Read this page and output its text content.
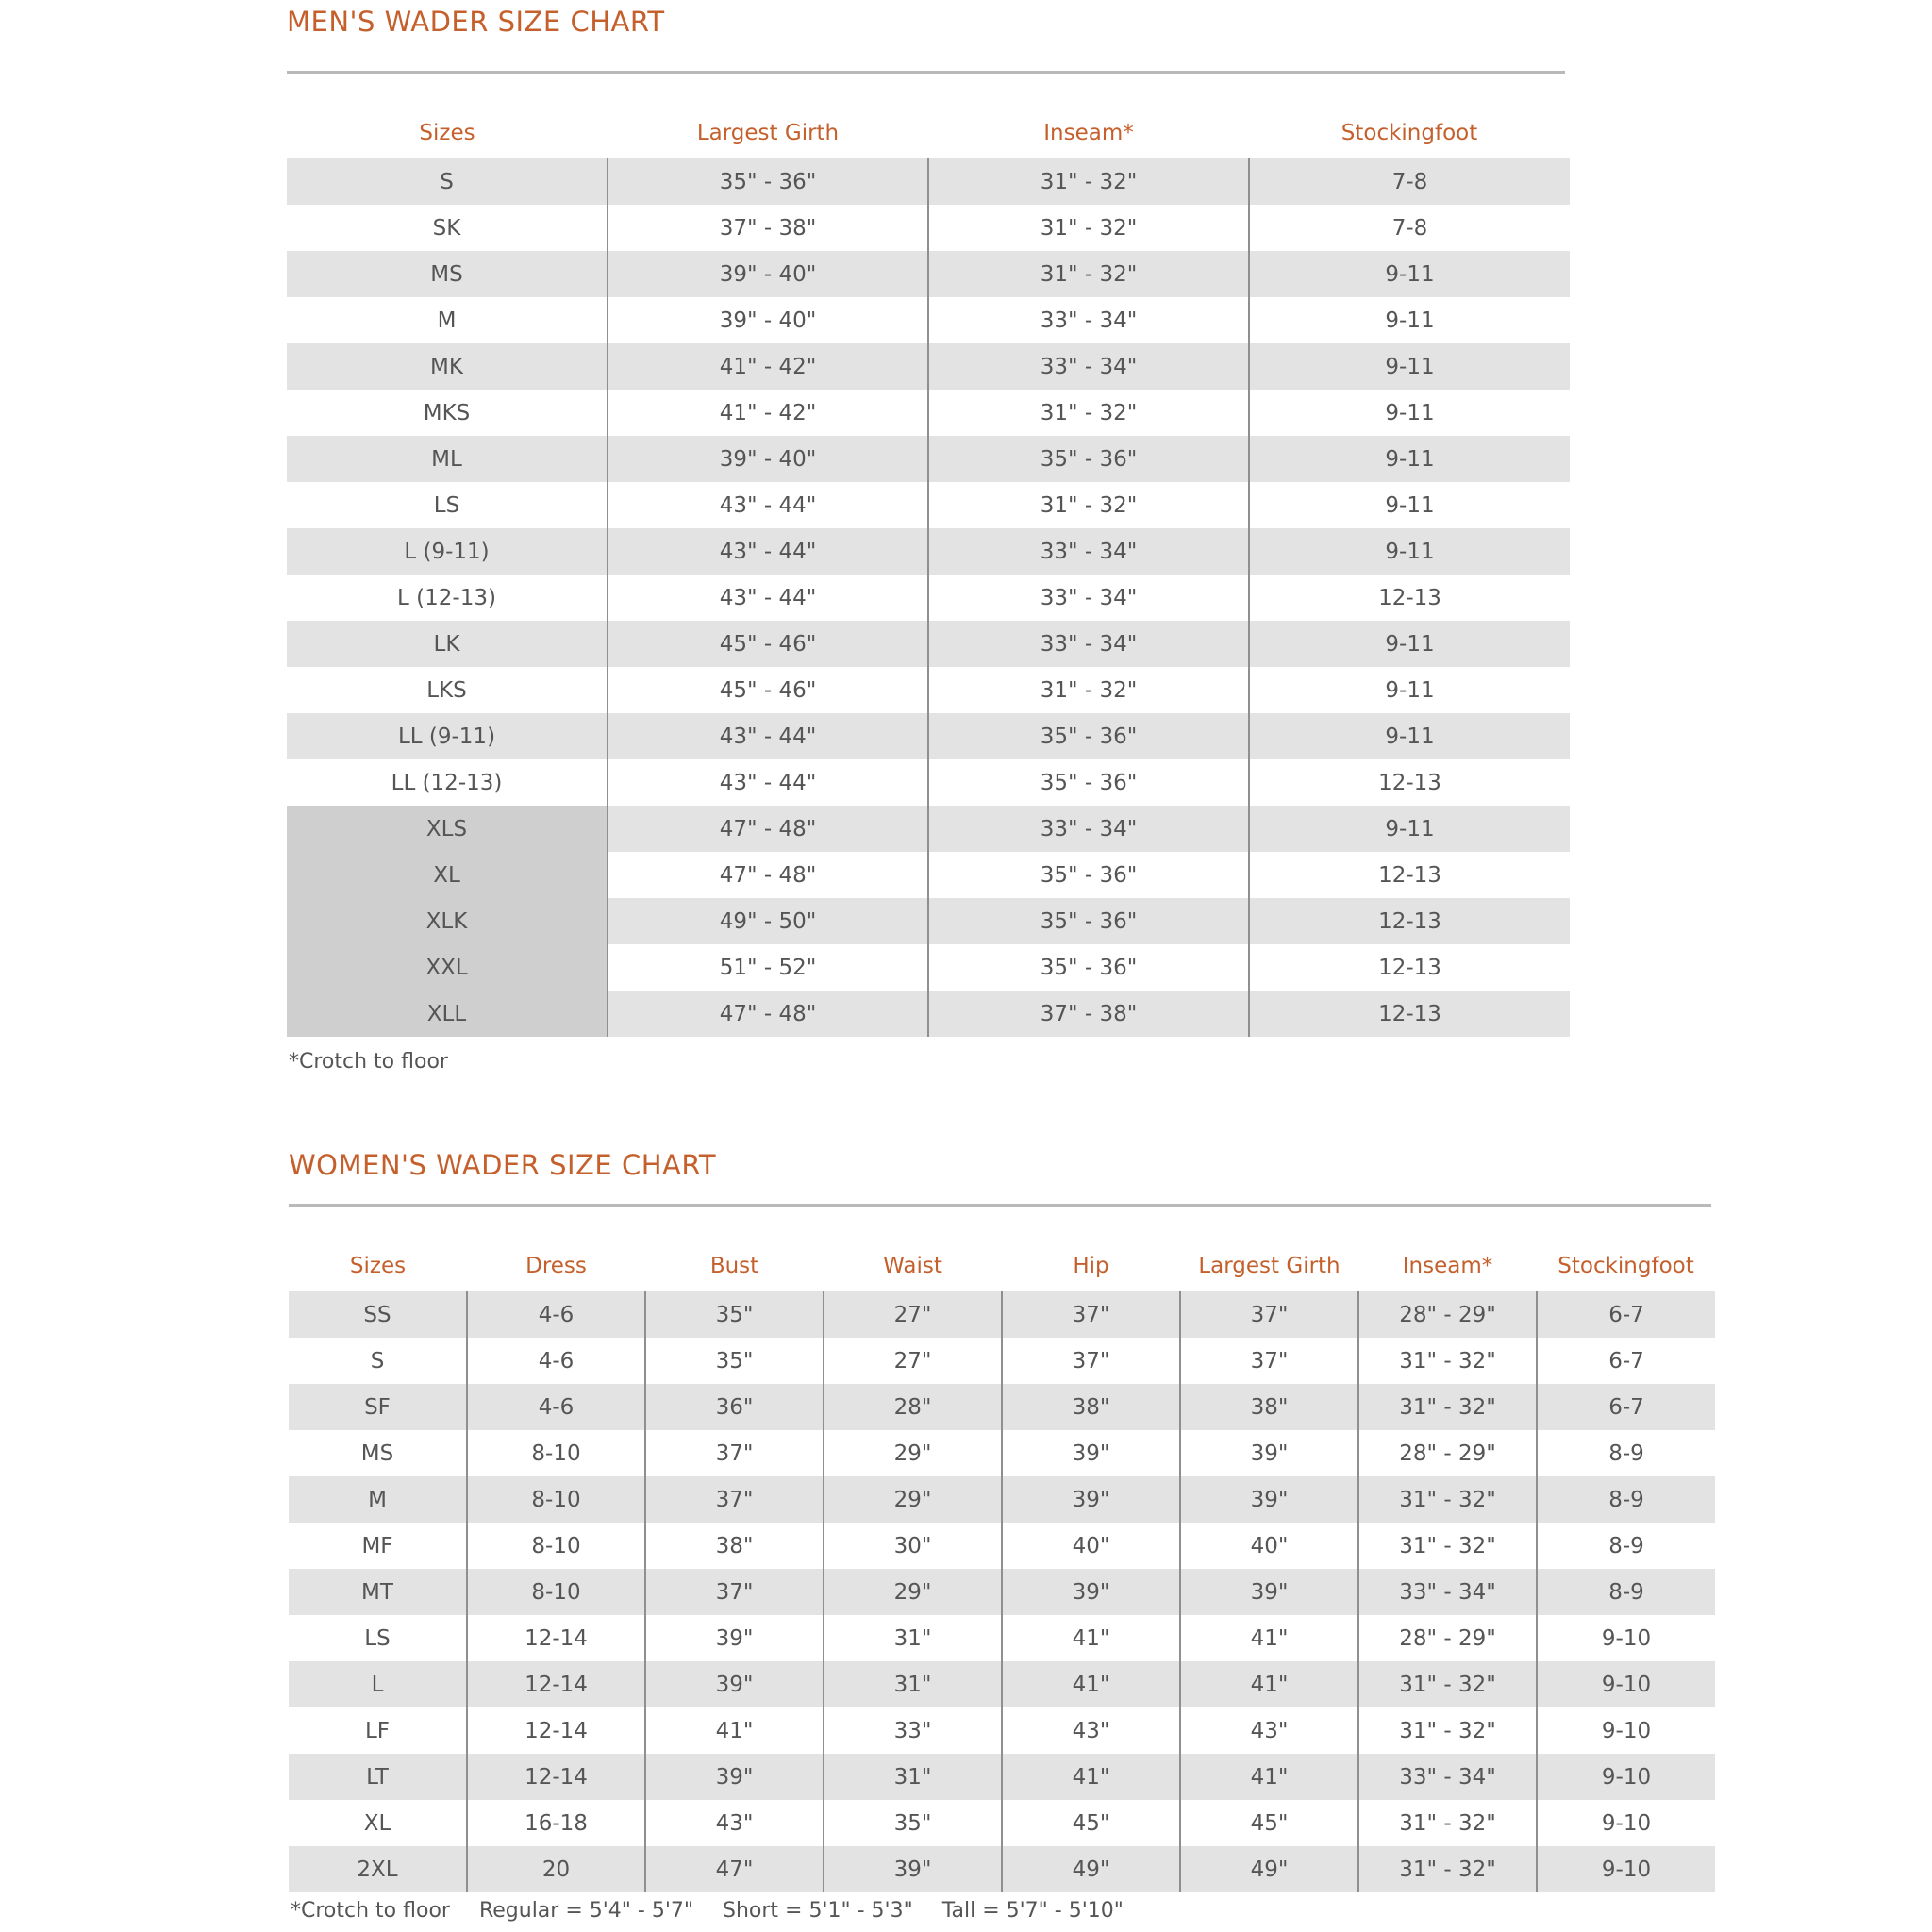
MEN'S WADER SIZE CHART
Sizes	Largest Girth	Inseam*	Stockingfoot
S	35" - 36"	31" - 32"	7-8
SK	37" - 38"	31" - 32"	7-8
MS	39" - 40"	31" - 32"	9-11
M	39" - 40"	33" - 34"	9-11
MK	41" - 42"	33" - 34"	9-11
MKS	41" - 42"	31" - 32"	9-11
ML	39" - 40"	35" - 36"	9-11
LS	43" - 44"	31" - 32"	9-11
L (9-11)	43" - 44"	33" - 34"	9-11
L (12-13)	43" - 44"	33" - 34"	12-13
LK	45" - 46"	33" - 34"	9-11
LKS	45" - 46"	31" - 32"	9-11
LL (9-11)	43" - 44"	35" - 36"	9-11
LL (12-13)	43" - 44"	35" - 36"	12-13
XLS	47" - 48"	33" - 34"	9-11
XL	47" - 48"	35" - 36"	12-13
XLK	49" - 50"	35" - 36"	12-13
XXL	51" - 52"	35" - 36"	12-13
XLL	47" - 48"	37" - 38"	12-13
*Crotch to floor
WOMEN'S WADER SIZE CHART
Sizes	Dress	Bust	Waist	Hip	Largest Girth	Inseam*	Stockingfoot
SS	4-6	35"	27"	37"	37"	28" - 29"	6-7
S	4-6	35"	27"	37"	37"	31" - 32"	6-7
SF	4-6	36"	28"	38"	38"	31" - 32"	6-7
MS	8-10	37"	29"	39"	39"	28" - 29"	8-9
M	8-10	37"	29"	39"	39"	31" - 32"	8-9
MF	8-10	38"	30"	40"	40"	31" - 32"	8-9
MT	8-10	37"	29"	39"	39"	33" - 34"	8-9
LS	12-14	39"	31"	41"	41"	28" - 29"	9-10
L	12-14	39"	31"	41"	41"	31" - 32"	9-10
LF	12-14	41"	33"	43"	43"	31" - 32"	9-10
LT	12-14	39"	31"	41"	41"	33" - 34"	9-10
XL	16-18	43"	35"	45"	45"	31" - 32"	9-10
2XL	20	47"	39"	49"	49"	31" - 32"	9-10
*Crotch to floor Regular = 5'4" - 5'7" Short = 5'1" - 5'3" Tall = 5'7" - 5'10"
